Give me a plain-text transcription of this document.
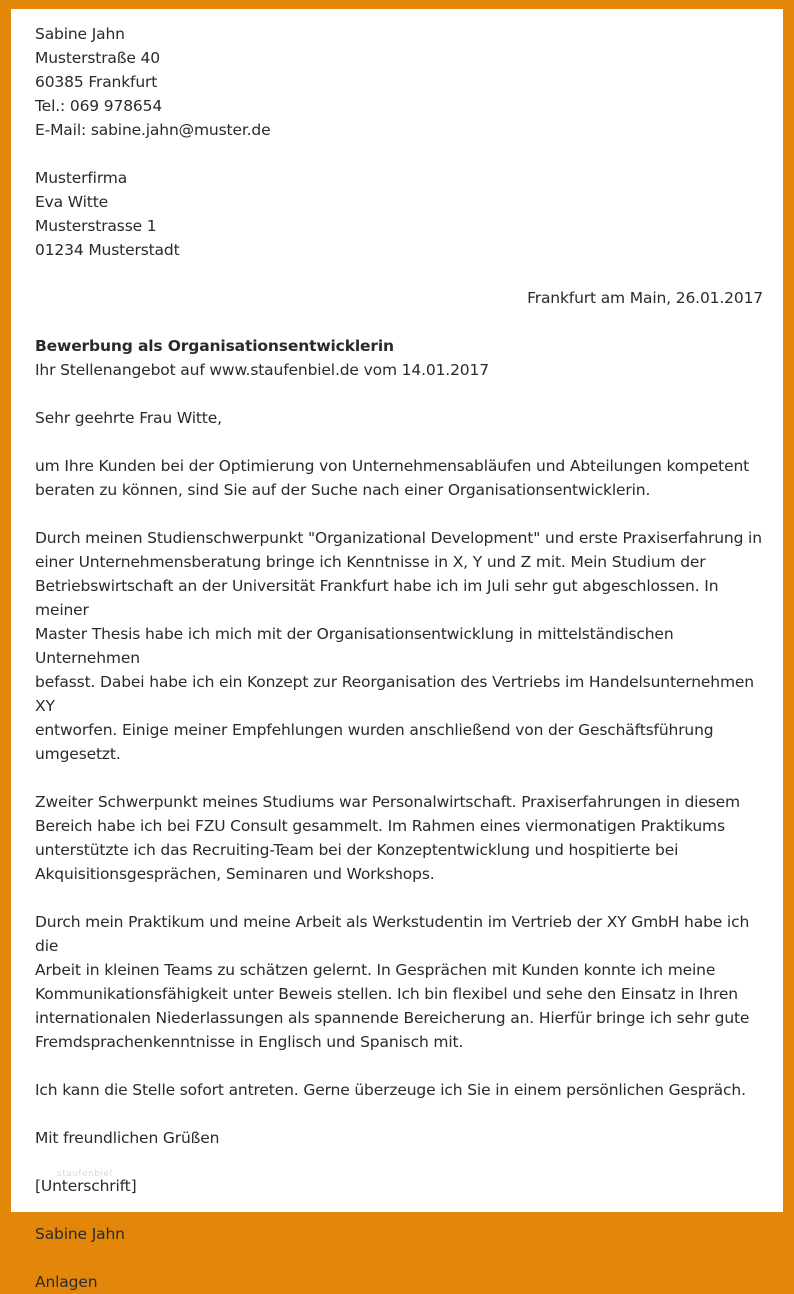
Sabine Jahn
Musterstraße 40
60385 Frankfurt
Tel.: 069 978654
E-Mail: sabine.jahn@muster.de
Musterfirma
Eva Witte
Musterstrasse 1
01234 Musterstadt
Frankfurt am Main, 26.01.2017
Bewerbung als Organisationsentwicklerin
Ihr Stellenangebot auf www.staufenbiel.de vom 14.01.2017
Sehr geehrte Frau Witte,
um Ihre Kunden bei der Optimierung von Unternehmensabläufen und Abteilungen kompetent
beraten zu können, sind Sie auf der Suche nach einer Organisationsentwicklerin.
Durch meinen Studienschwerpunkt "Organizational Development" und erste Praxiserfahrung in
einer Unternehmensberatung bringe ich Kenntnisse in X, Y und Z mit. Mein Studium der
Betriebswirtschaft an der Universität Frankfurt habe ich im Juli sehr gut abgeschlossen. In meiner
Master Thesis habe ich mich mit der Organisationsentwicklung in mittelständischen Unternehmen
befasst. Dabei habe ich ein Konzept zur Reorganisation des Vertriebs im Handelsunternehmen XY
entworfen. Einige meiner Empfehlungen wurden anschließend von der Geschäftsführung
umgesetzt.
Zweiter Schwerpunkt meines Studiums war Personalwirtschaft. Praxiserfahrungen in diesem
Bereich habe ich bei FZU Consult gesammelt. Im Rahmen eines viermonatigen Praktikums
unterstützte ich das Recruiting-Team bei der Konzeptentwicklung und hospitierte bei
Akquisitionsgesprächen, Seminaren und Workshops.
Durch mein Praktikum und meine Arbeit als Werkstudentin im Vertrieb der XY GmbH habe ich die
Arbeit in kleinen Teams zu schätzen gelernt. In Gesprächen mit Kunden konnte ich meine
Kommunikationsfähigkeit unter Beweis stellen. Ich bin flexibel und sehe den Einsatz in Ihren
internationalen Niederlassungen als spannende Bereicherung an. Hierfür bringe ich sehr gute
Fremdsprachenkenntnisse in Englisch und Spanisch mit.
Ich kann die Stelle sofort antreten. Gerne überzeuge ich Sie in einem persönlichen Gespräch.
Mit freundlichen Grüßen
[Unterschrift]
Sabine Jahn
Anlagen
staufenbiel
